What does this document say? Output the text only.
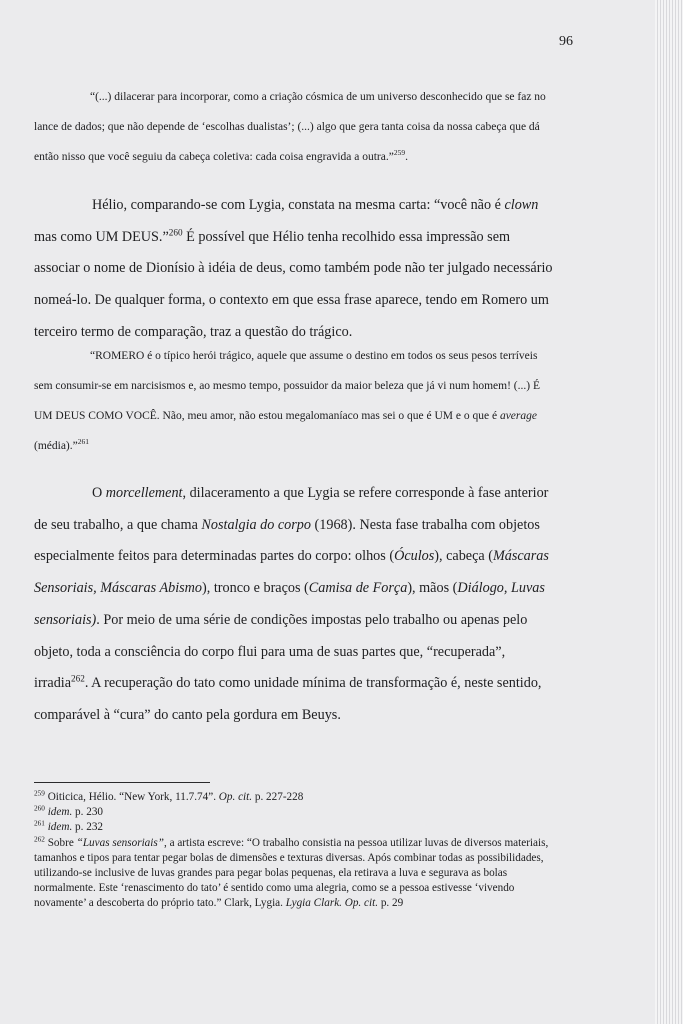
96

“(...) dilacerar para incorporar, como a criação cósmica de um universo desconhecido que se faz no lance de dados; que não depende de ‘escolhas dualistas’; (...) algo que gera tanta coisa da nossa cabeça que dá então nisso que você seguiu da cabeça coletiva: cada coisa engravida a outra.”$^{259}$.

Hélio, comparando-se com Lygia, constata na mesma carta: “você não é clown mas como UM DEUS.”$^{260}$ É possível que Hélio tenha recolhido essa impressão sem associar o nome de Dionísio à idéia de deus, como também pode não ter julgado necessário nomeá-lo. De qualquer forma, o contexto em que essa frase aparece, tendo em Romero um terceiro termo de comparação, traz a questão do trágico.

“ROMERO é o típico herói trágico, aquele que assume o destino em todos os seus pesos terríveis sem consumir-se em narcisismos e, ao mesmo tempo, possuidor da maior beleza que já vi num homem! (...) É UM DEUS COMO VOCÊ. Não, meu amor, não estou megalomaníaco mas sei o que é UM e o que é average (média).”$^{261}$

O morcellement, dilaceramento a que Lygia se refere corresponde à fase anterior de seu trabalho, a que chama Nostalgia do corpo (1968). Nesta fase trabalha com objetos especialmente feitos para determinadas partes do corpo: olhos (Óculos), cabeça (Máscaras Sensoriais, Máscaras Abismo), tronco e braços (Camisa de Força), mãos (Diálogo, Luvas sensoriais). Por meio de uma série de condições impostas pelo trabalho ou apenas pelo objeto, toda a consciência do corpo flui para uma de suas partes que, “recuperada”, irradia$^{262}$. A recuperação do tato como unidade mínima de transformação é, neste sentido, comparável à “cura” do canto pela gordura em Beuys.

$^{259}$ Oiticica, Hélio. “New York, 11.7.74”. Op. cit. p. 227-228
$^{260}$ idem. p. 230
$^{261}$ idem. p. 232
$^{262}$ Sobre “Luvas sensoriais”, a artista escreve: “O trabalho consistia na pessoa utilizar luvas de diversos materiais, tamanhos e tipos para tentar pegar bolas de dimensões e texturas diversas. Após combinar todas as possibilidades, utilizando-se inclusive de luvas grandes para pegar bolas pequenas, ela retirava a luva e segurava as bolas normalmente. Este ‘renascimento do tato’ é sentido como uma alegria, como se a pessoa estivesse ‘vivendo novamente’ a descoberta do próprio tato.” Clark, Lygia. Lygia Clark. Op. cit. p. 29
